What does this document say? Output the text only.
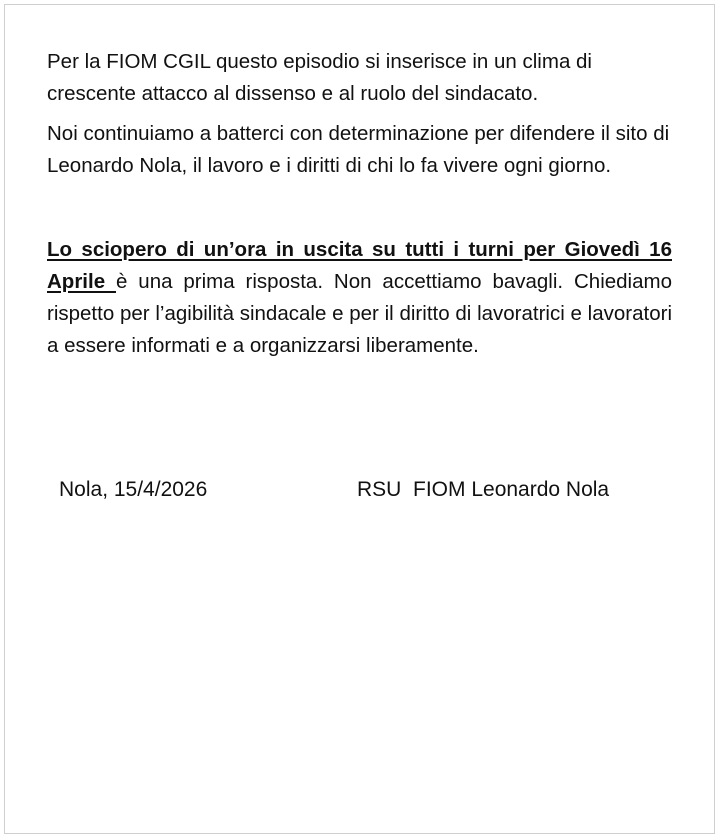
Per la FIOM CGIL questo episodio si inserisce in un clima di crescente attacco al dissenso e al ruolo del sindacato.

Noi continuiamo a batterci con determinazione per difendere il sito di Leonardo Nola, il lavoro e i diritti di chi lo fa vivere ogni giorno.

Lo sciopero di un’ora in uscita su tutti i turni per Giovedì 16 Aprile è una prima risposta. Non accettiamo bavagli. Chiediamo rispetto per l’agibilità sindacale e per il diritto di lavoratrici e lavoratori a essere informati e a organizzarsi liberamente.

Nola, 15/4/2026	RSU  FIOM Leonardo Nola
